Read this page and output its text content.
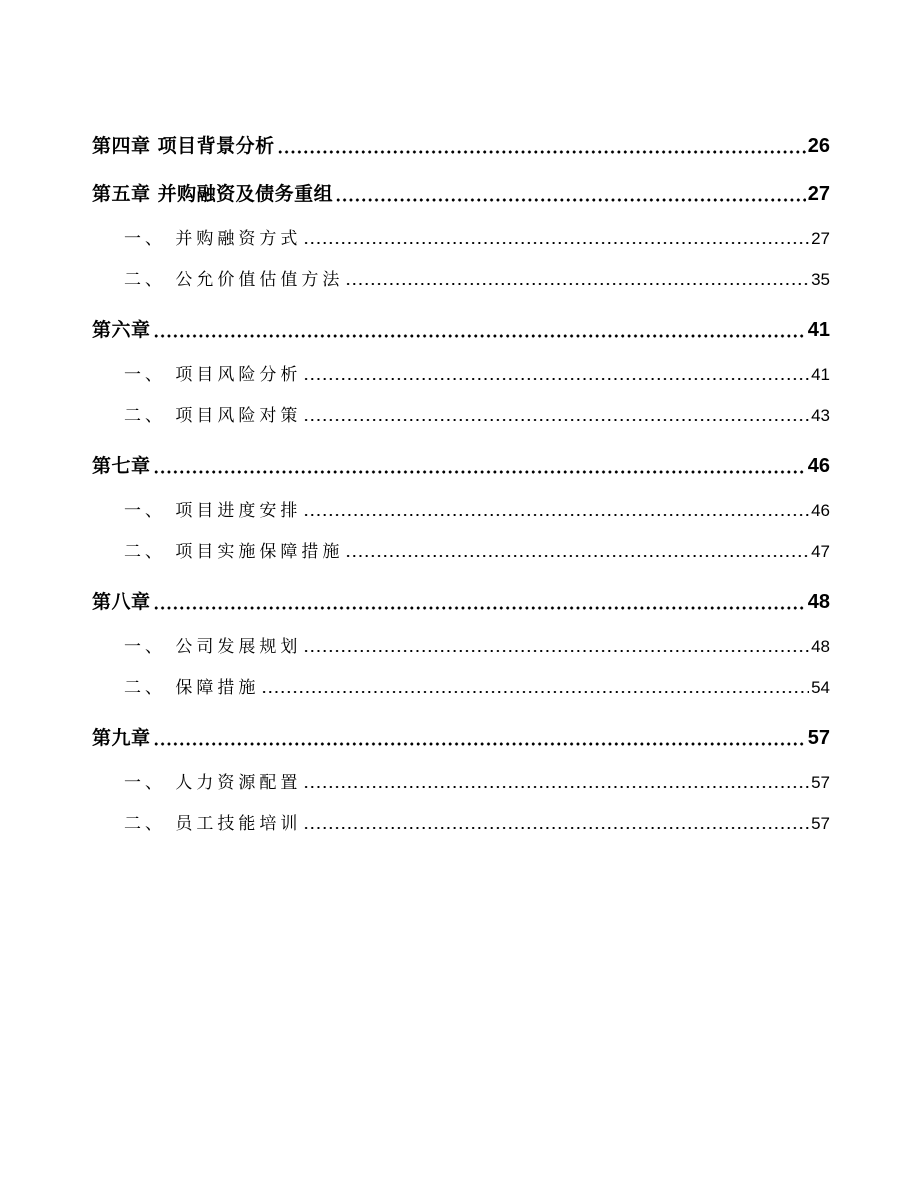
第四章 项目背景分析	26
第五章 并购融资及债务重组	27
一、 并购融资方式	27
二、 公允价值估值方法	35
第六章	41
一、 项目风险分析	41
二、 项目风险对策	43
第七章	46
一、 项目进度安排	46
二、 项目实施保障措施	47
第八章	48
一、 公司发展规划	48
二、 保障措施	54
第九章	57
一、 人力资源配置	57
二、 员工技能培训	57
